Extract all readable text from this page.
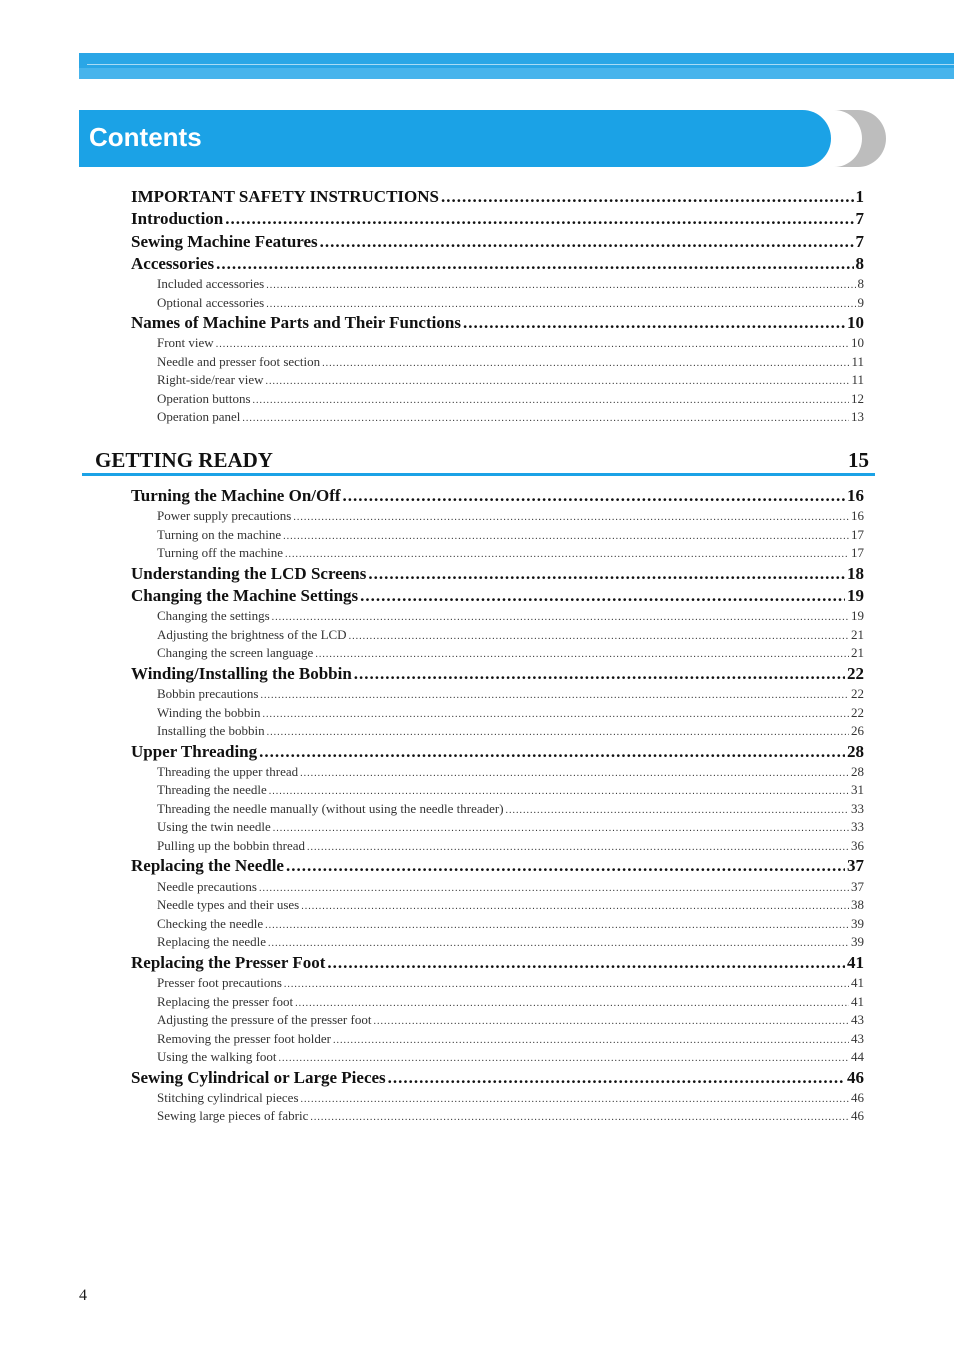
Contents
IMPORTANT SAFETY INSTRUCTIONS .....	1
Introduction .....	7
Sewing Machine Features .....	7
Accessories .....	8
Included accessories .....	8
Optional accessories .....	9
Names of Machine Parts and Their Functions .....	10
Front view .....	10
Needle and presser foot section .....	11
Right-side/rear view .....	11
Operation buttons .....	12
Operation panel .....	13
GETTING READY	15
Turning the Machine On/Off .....	16
Power supply precautions .....	16
Turning on the machine .....	17
Turning off the machine .....	17
Understanding the LCD Screens .....	18
Changing the Machine Settings .....	19
Changing the settings .....	19
Adjusting the brightness of the LCD .....	21
Changing the screen language .....	21
Winding/Installing the Bobbin .....	22
Bobbin precautions .....	22
Winding the bobbin .....	22
Installing the bobbin .....	26
Upper Threading .....	28
Threading the upper thread .....	28
Threading the needle .....	31
Threading the needle manually (without using the needle threader) .....	33
Using the twin needle .....	33
Pulling up the bobbin thread .....	36
Replacing the Needle .....	37
Needle precautions .....	37
Needle types and their uses .....	38
Checking the needle .....	39
Replacing the needle .....	39
Replacing the Presser Foot .....	41
Presser foot precautions .....	41
Replacing the presser foot .....	41
Adjusting the pressure of the presser foot .....	43
Removing the presser foot holder .....	43
Using the walking foot .....	44
Sewing Cylindrical or Large Pieces .....	46
Stitching cylindrical pieces .....	46
Sewing large pieces of fabric .....	46
4
